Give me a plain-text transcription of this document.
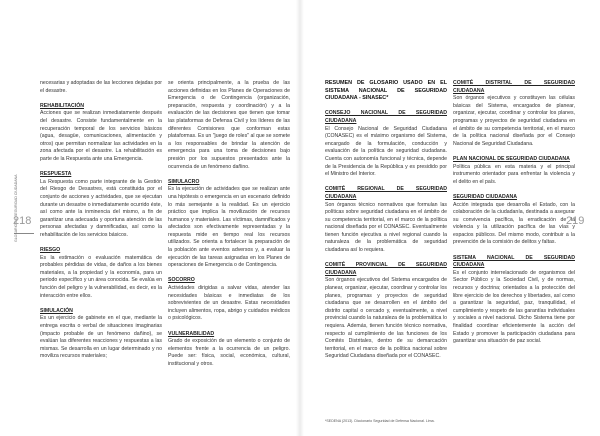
218
GLOSARIO DE SEGURIDAD CIUDADANA	219

necesarias y adoptadas de las lecciones dejadas por el desastre.

REHABILITACIÓN
Acciones que se realizan inmediatamente después del desastre. Consiste fundamentalmente en la recuperación temporal de los servicios básicos (agua, desagüe, comunicaciones, alimentación y otros) que permitan normalizar las actividades en la zona afectada por el desastre. La rehabilitación es parte de la Respuesta ante una Emergencia.

RESPUESTA
La Respuesta como parte integrante de la Gestión del Riesgo de Desastres, está constituida por el conjunto de acciones y actividades, que se ejecutan durante un desastre o inmediatamente ocurrido éste, así como ante la inminencia del mismo, a fin de garantizar una adecuada y oportuna atención de las personas afectadas y damnificadas, así como la rehabilitación de los servicios básicos.

RIESGO
Es la estimación o evaluación matemática de probables pérdidas de vidas, de daños a los bienes materiales, a la propiedad y la economía, para un periodo específico y un área conocida. Se evalúa en función del peligro y la vulnerabilidad, es decir, es la interacción entre ellos.

SIMULACIÓN
Es un ejercicio de gabinete en el que, mediante la entrega escrita o verbal de situaciones imaginarias (impacto probable de un fenómeno dañino), se evalúan las diferentes reacciones y respuestas a las mismas. Se desarrolla en un lugar determinado y no moviliza recursos materiales;

se orienta principalmente, a la prueba de las acciones definidas en los Planes de Operaciones de Emergencia o de Contingencia (organización, preparación, respuesta y coordinación) y a la evaluación de las decisiones que tienen que tomar las plataformas de Defensa Civil y los líderes de las diferentes Comisiones que conforman estas plataformas. Es un "juego de roles" al que se somete a los responsables de brindar la atención de emergencia para una toma de decisiones bajo presión por los supuestos presentados ante la ocurrencia de un fenómeno dañino.

SIMULACRO
Es la ejecución de actividades que se realizan ante una hipótesis o emergencia en un escenario definido lo más semejante a la realidad. Es un ejercicio práctico que implica la movilización de recursos humanos y materiales. Las víctimas, damnificados y afectados son efectivamente representadas y la respuesta mide en tiempo real los recursos utilizados. Se orienta a fortalecer la preparación de la población ante eventos adversos y, a evaluar la ejecución de las tareas asignadas en los Planes de operaciones de Emergencia o de Contingencia.

SOCORRO
Actividades dirigidas a salvar vidas, atender las necesidades básicas e inmediatas de los sobrevivientes de un desastre. Estas necesidades incluyen alimentos, ropa, abrigo y cuidados médicos o psicológicos.

VULNERABILIDAD
Grado de exposición de un elemento o conjunto de elementos frente a la ocurrencia de un peligro. Puede ser: física, social, económica, cultural, institucional y otros.

RESUMEN DE GLOSARIO USADO EN EL SISTEMA NACIONAL DE SEGURIDAD CIUDADANA - SINASEC*

CONSEJO NACIONAL DE SEGURIDAD CIUDADANA
El Consejo Nacional de Seguridad Ciudadana (CONASEC) es el máximo organismo del Sistema, encargado de la formulación, conducción y evaluación de la política de seguridad ciudadana. Cuenta con autonomía funcional y técnica, depende de la Presidencia de la República y es presidido por el Ministro del Interior.

COMITÉ REGIONAL DE SEGURIDAD CIUDADANA
Son órganos técnico normativos que formulan las políticas sobre seguridad ciudadana en el ámbito de su competencia territorial, en el marco de la política nacional diseñada por el CONASEC. Eventualmente tienen función ejecutiva a nivel regional cuando la naturaleza de la problemática de seguridad ciudadana así lo requiera.

COMITÉ PROVINCIAL DE SEGURIDAD CIUDADANA
Son órganos ejecutivos del Sistema encargados de planear, organizar, ejecutar, coordinar y controlar los planes, programas y proyectos de seguridad ciudadana que se desarrollen en el ámbito del distrito capital o cercado y, eventualmente, a nivel provincial cuando la naturaleza de la problemática lo requiera. Además, tienen función técnico normativa, respecto al cumplimiento de las funciones de los Comités Distritales, dentro de su demarcación territorial, en el marco de la política nacional sobre Seguridad Ciudadana diseñada por el CONASEC.

COMITÉ DISTRITAL DE SEGURIDAD CIUDADANA
Son órganos ejecutivos y constituyen las células básicas del Sistema, encargados de planear, organizar, ejecutar, coordinar y controlar los planes, programas y proyectos de seguridad ciudadana en el ámbito de su competencia territorial, en el marco de la política nacional diseñada por el Consejo Nacional de Seguridad Ciudadana.

PLAN NACIONAL DE SEGURIDAD CIUDADANA
Política pública en esta materia y el principal instrumento orientador para enfrentar la violencia y el delito en el país.

SEGURIDAD CIUDADANA
Acción integrada que desarrolla el Estado, con la colaboración de la ciudadanía, destinada a asegurar su convivencia pacífica, la erradicación de la violencia y la utilización pacífica de las vías y espacios públicos. Del mismo modo, contribuir a la prevención de la comisión de delitos y faltas.

SISTEMA NACIONAL DE SEGURIDAD CIUDADANA
Es el conjunto interrelacionado de organismos del Sector Público y la Sociedad Civil, y de normas, recursos y doctrina; orientados a la protección del libre ejercicio de los derechos y libertades, así como a garantizar la seguridad, paz, tranquilidad, el cumplimiento y respeto de las garantías individuales y sociales a nivel nacional. Dicho Sistema tiene por finalidad coordinar eficientemente la acción del Estado y promover la participación ciudadana para garantizar una situación de paz social.

*SEDENA (2013). Diccionario Seguridad de Defensa Nacional. Lima.
